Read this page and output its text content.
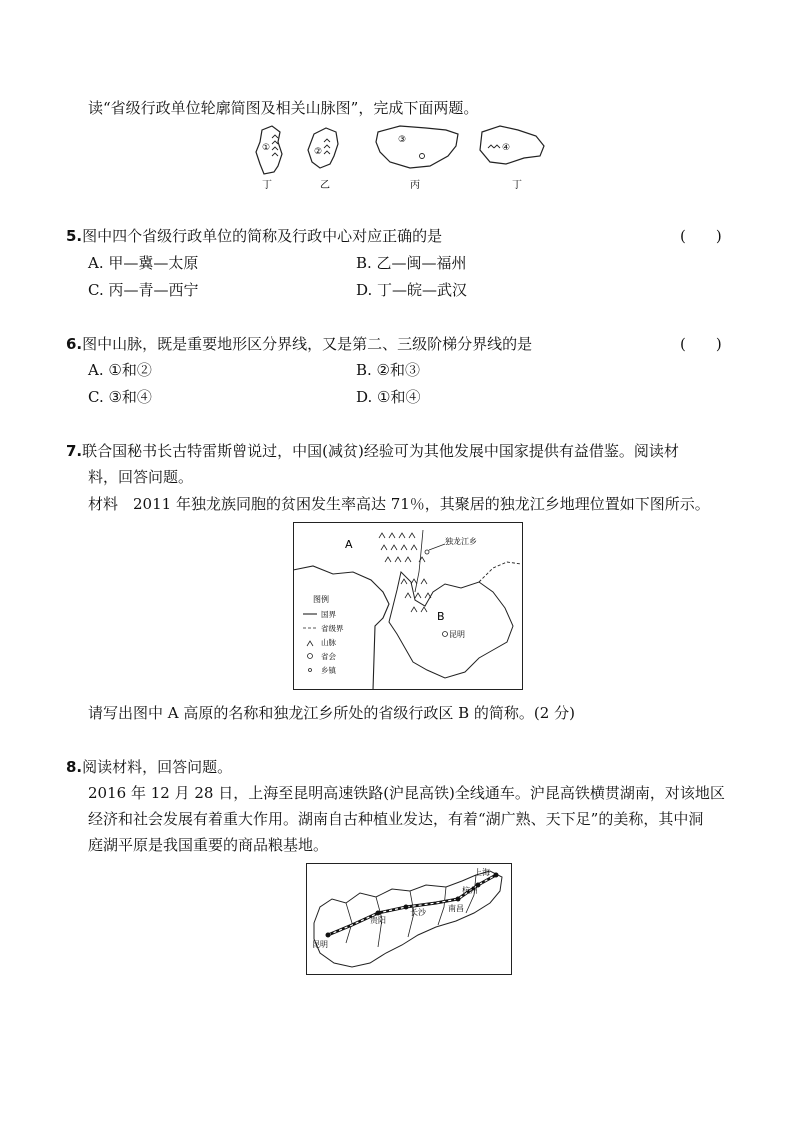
读“省级行政单位轮廓简图及相关山脉图”，完成下面两题。
①
丁
②
乙
③
丙
④
丁
5.图中四个省级行政单位的简称及行政中心对应正确的是	(　　)
A. 甲—冀—太原	B. 乙—闽—福州
C. 丙—青—西宁	D. 丁—皖—武汉
6.图中山脉，既是重要地形区分界线，又是第二、三级阶梯分界线的是	(　　)
A. ①和②	B. ②和③
C. ③和④	D. ①和④
7.联合国秘书长古特雷斯曾说过，中国(减贫)经验可为其他发展中国家提供有益借鉴。阅读材
料，回答问题。
材料　2011 年独龙族同胞的贫困发生率高达 71％，其聚居的独龙江乡地理位置如下图所示。
A	独龙江乡
B
昆明
图例
国界
省级界
山脉
省会
乡镇
请写出图中 A 高原的名称和独龙江乡所处的省级行政区 B 的简称。(2 分)
8.阅读材料，回答问题。
2016 年 12 月 28 日，上海至昆明高速铁路(沪昆高铁)全线通车。沪昆高铁横贯湖南，对该地区
经济和社会发展有着重大作用。湖南自古种植业发达，有着“湖广熟、天下足”的美称，其中洞
庭湖平原是我国重要的商品粮基地。
昆明
贵阳
长沙	南昌
杭州
上海
